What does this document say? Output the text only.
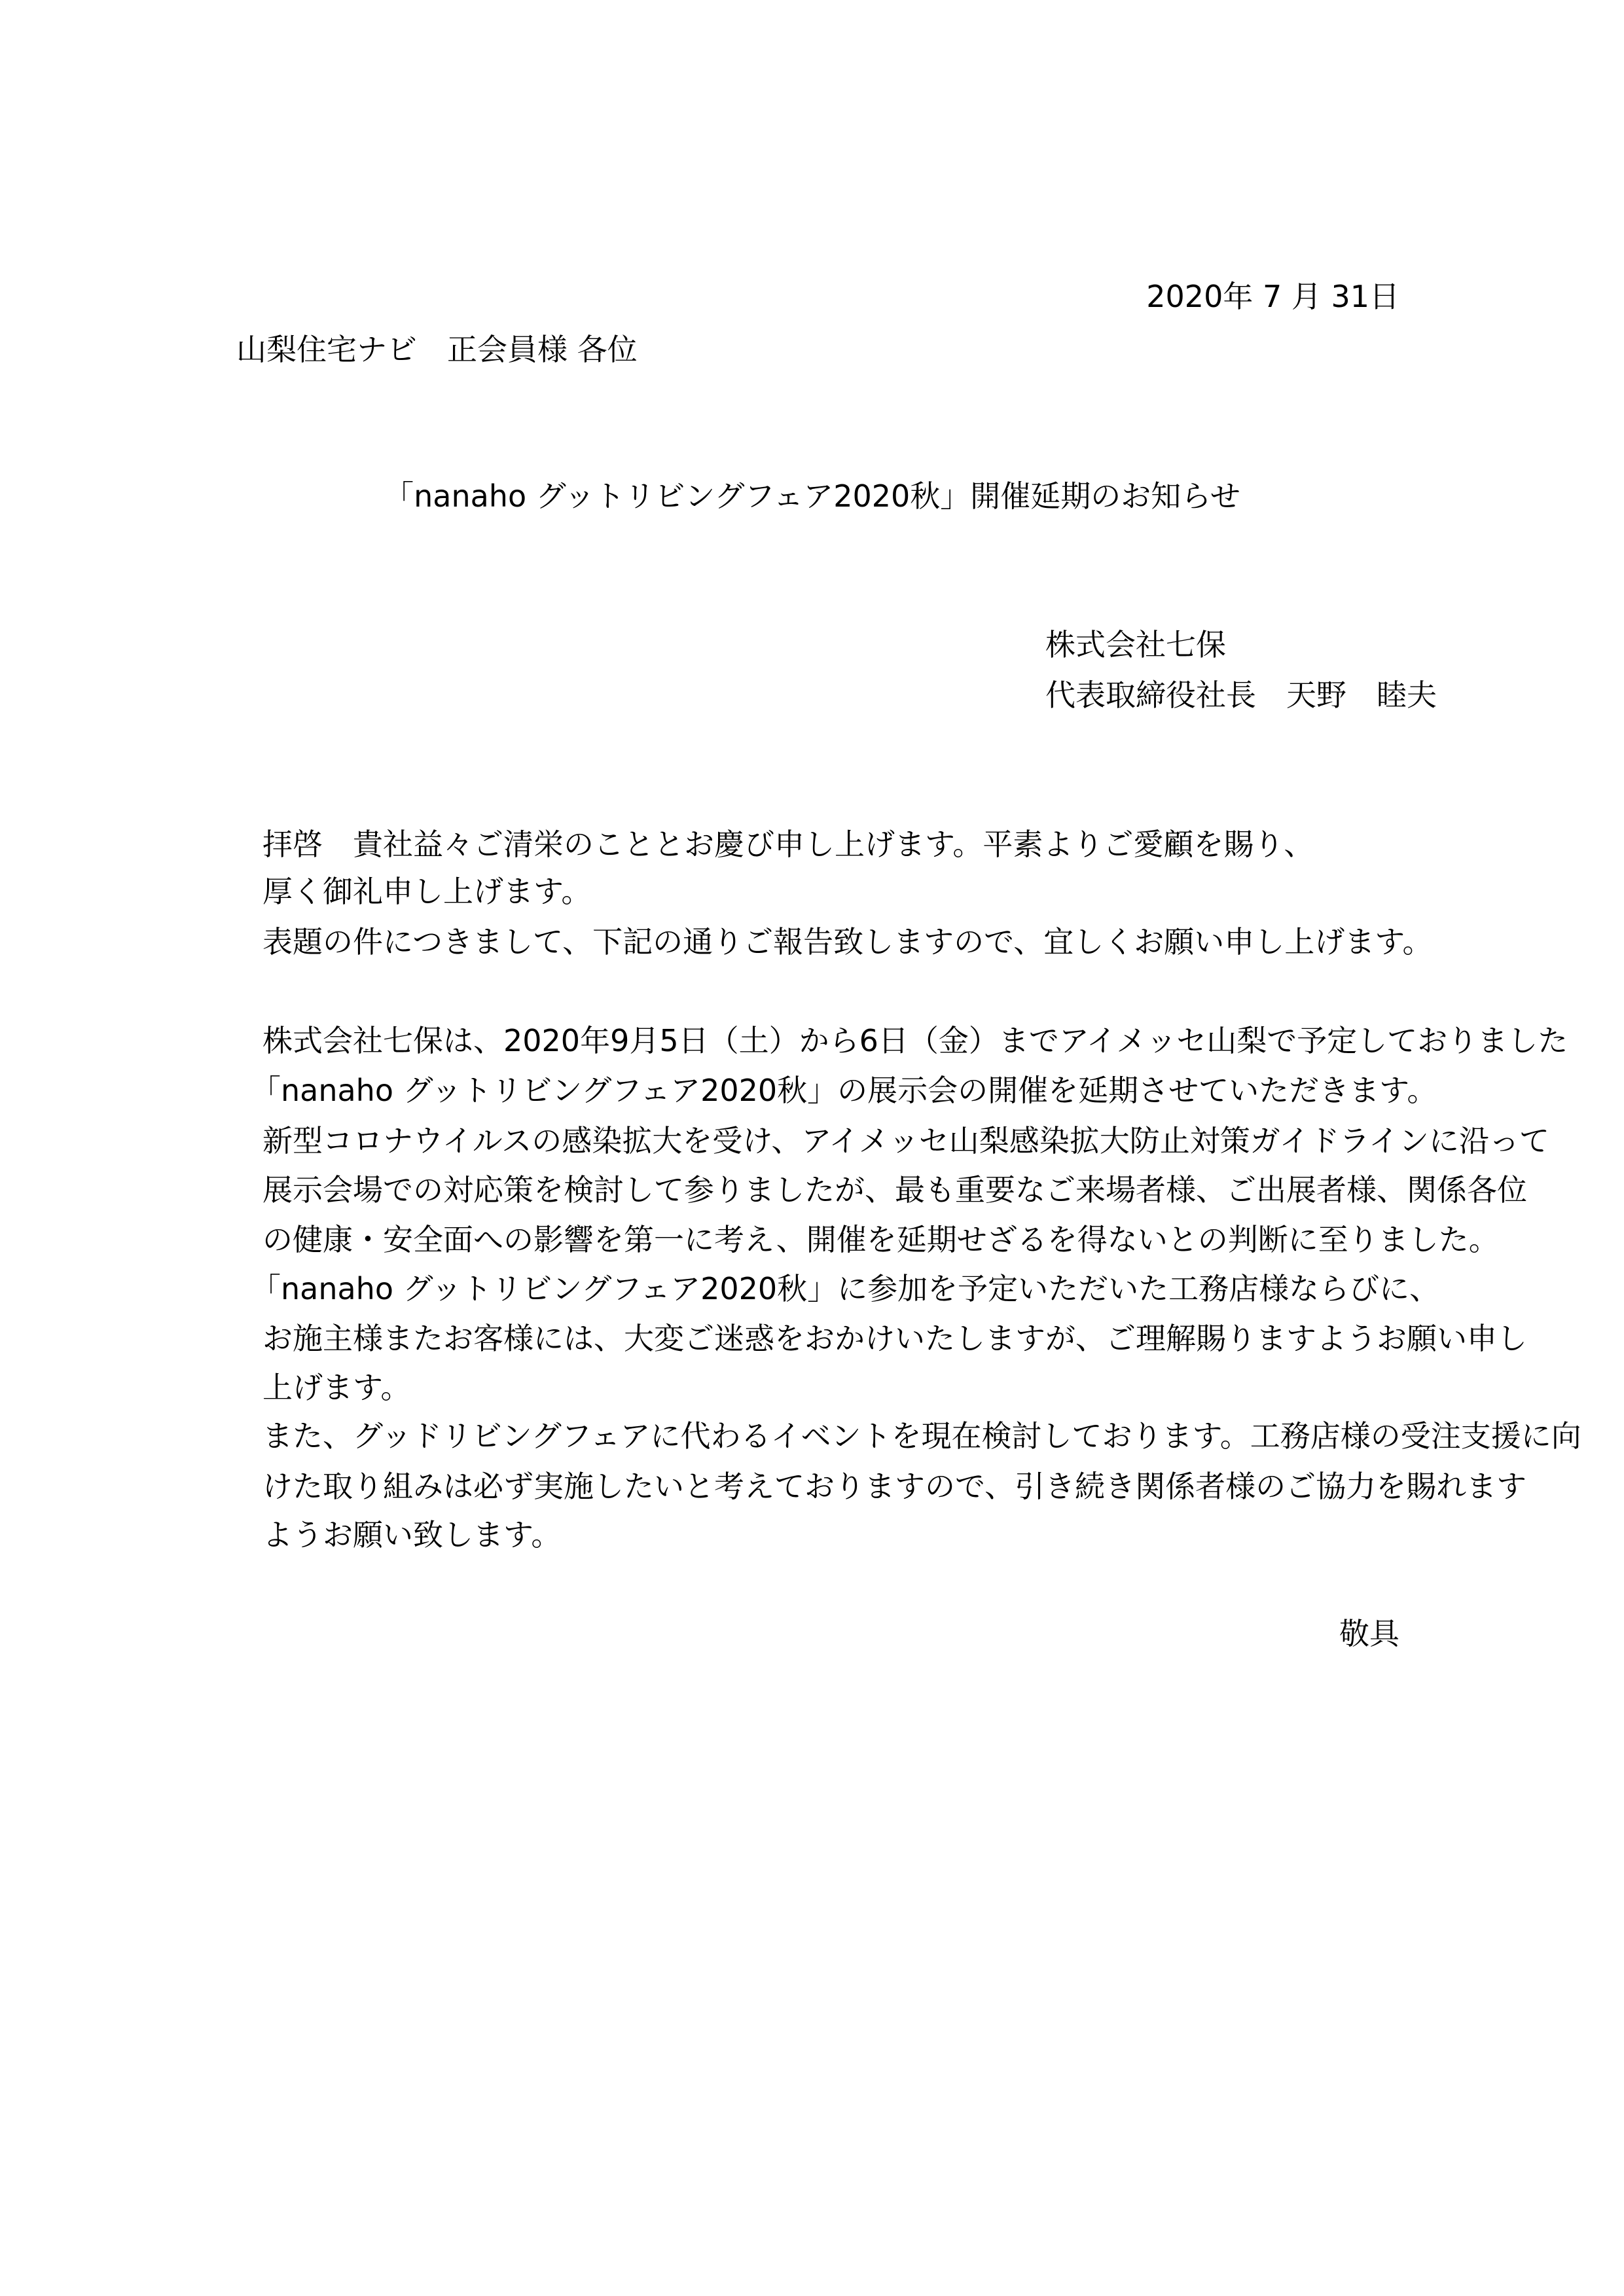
2020年 7 月 31日
山梨住宅ナビ　正会員様 各位
「nanaho グットリビングフェア2020秋」開催延期のお知らせ
株式会社七保
代表取締役社長　天野　睦夫
拝啓　貴社益々ご清栄のこととお慶び申し上げます。平素よりご愛顧を賜り、
厚く御礼申し上げます。
表題の件につきまして、下記の通りご報告致しますので、宜しくお願い申し上げます。
株式会社七保は、2020年9月5日（土）から6日（金）までアイメッセ山梨で予定しておりました
「nanaho グットリビングフェア2020秋」の展示会の開催を延期させていただきます。
新型コロナウイルスの感染拡大を受け、アイメッセ山梨感染拡大防止対策ガイドラインに沿って
展示会場での対応策を検討して参りましたが、最も重要なご来場者様、ご出展者様、関係各位
の健康・安全面への影響を第一に考え、開催を延期せざるを得ないとの判断に至りました。
「nanaho グットリビングフェア2020秋」に参加を予定いただいた工務店様ならびに、
お施主様またお客様には、大変ご迷惑をおかけいたしますが、ご理解賜りますようお願い申し
上げます。
また、グッドリビングフェアに代わるイベントを現在検討しております。工務店様の受注支援に向
けた取り組みは必ず実施したいと考えておりますので、引き続き関係者様のご協力を賜れます
ようお願い致します。
敬具
